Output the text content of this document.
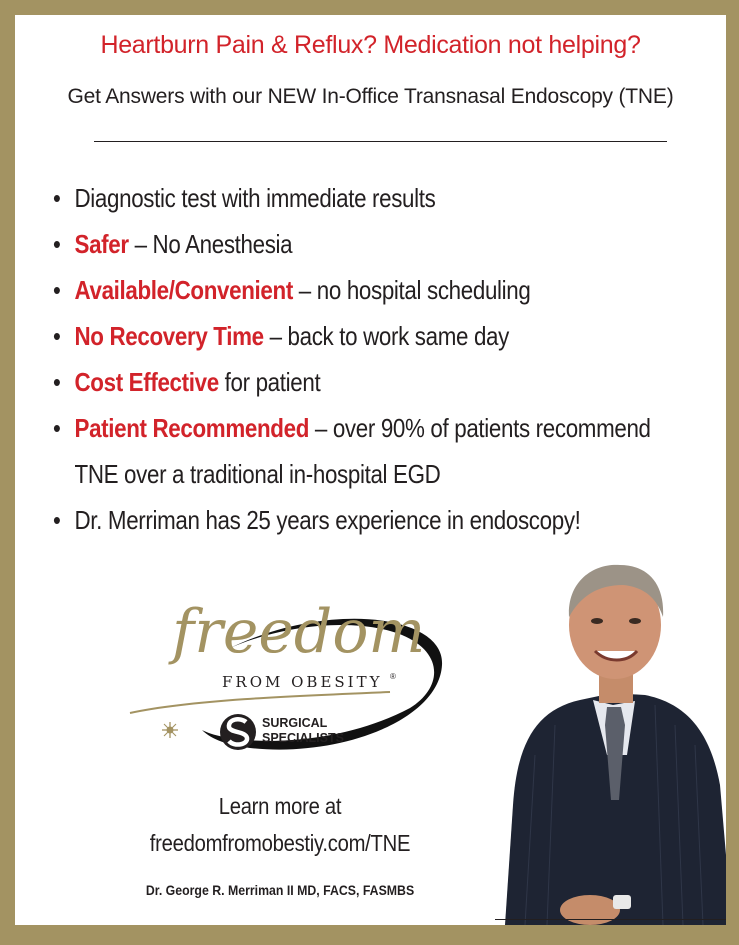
Heartburn Pain & Reflux? Medication not helping?
Get Answers with our NEW In-Office Transnasal Endoscopy (TNE)
• Diagnostic test with immediate results
• Safer – No Anesthesia
• Available/Convenient – no hospital scheduling
• No Recovery Time – back to work same day
• Cost Effective for patient
• Patient Recommended – over 90% of patients recommend
TNE over a traditional in-hospital EGD
• Dr. Merriman has 25 years experience in endoscopy!
freedom
FROM OBESITY ®
SURGICAL
SPECIALISTS
Learn more at
freedomfromobestiy.com/TNE
Dr. George R. Merriman II MD, FACS, FASMBS
